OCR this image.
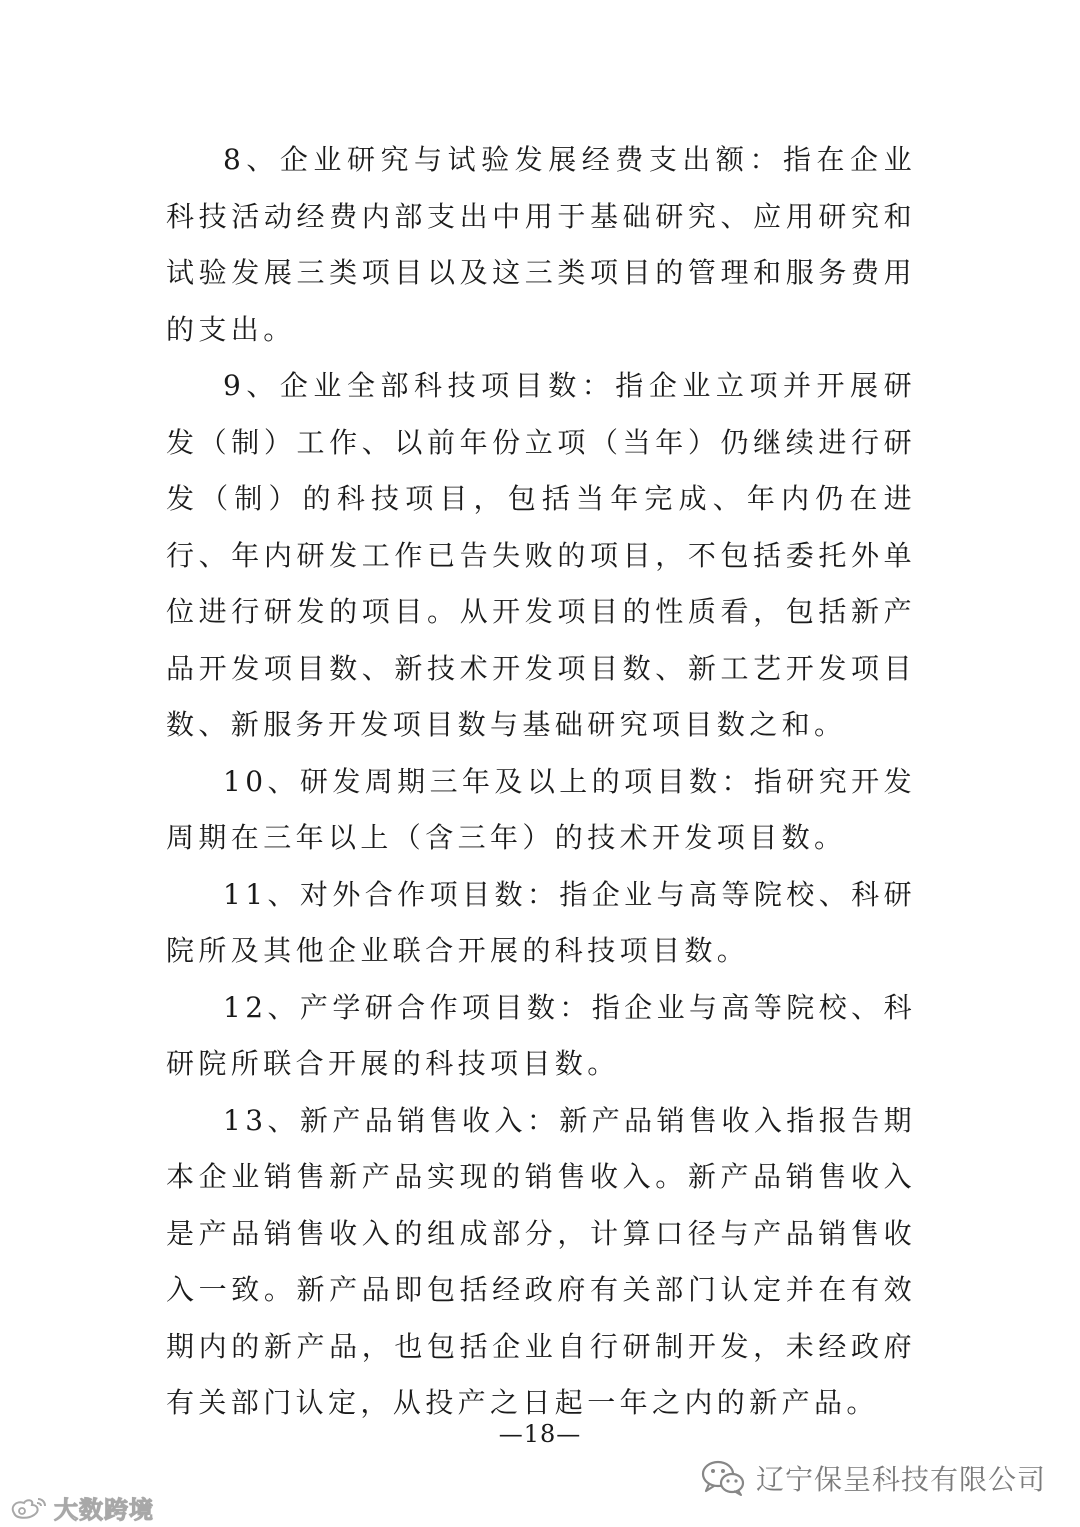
8、企业研究与试验发展经费支出额：指在企业科技活动经费内部支出中用于基础研究、应用研究和试验发展三类项目以及这三类项目的管理和服务费用的支出。

9、企业全部科技项目数：指企业立项并开展研发（制）工作、以前年份立项（当年）仍继续进行研发（制）的科技项目，包括当年完成、年内仍在进行、年内研发工作已告失败的项目，不包括委托外单位进行研发的项目。从开发项目的性质看，包括新产品开发项目数、新技术开发项目数、新工艺开发项目数、新服务开发项目数与基础研究项目数之和。

10、研发周期三年及以上的项目数：指研究开发周期在三年以上（含三年）的技术开发项目数。

11、对外合作项目数：指企业与高等院校、科研院所及其他企业联合开展的科技项目数。

12、产学研合作项目数：指企业与高等院校、科研院所联合开展的科技项目数。

13、新产品销售收入：新产品销售收入指报告期本企业销售新产品实现的销售收入。新产品销售收入是产品销售收入的组成部分，计算口径与产品销售收入一致。新产品即包括经政府有关部门认定并在有效期内的新产品，也包括企业自行研制开发，未经政府有关部门认定，从投产之日起一年之内的新产品。

—18—
辽宁保呈科技有限公司
大数跨境
